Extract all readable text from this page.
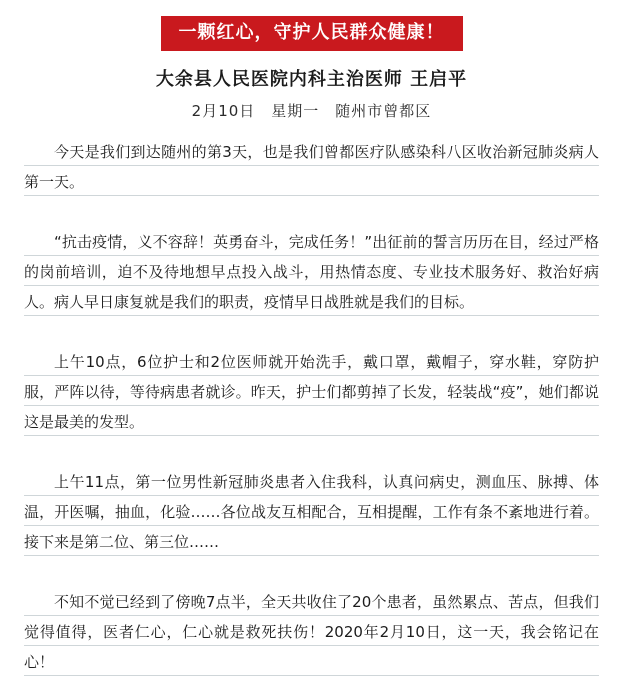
一颗红心，守护人民群众健康！
大余县人民医院内科主治医师 王启平
2月10日　星期一　随州市曾都区

今天是我们到达随州的第3天，也是我们曾都医疗队感染科八区收治新冠肺炎病人第一天。

“抗击疫情，义不容辞！英勇奋斗，完成任务！”出征前的誓言历历在目，经过严格的岗前培训，迫不及待地想早点投入战斗，用热情态度、专业技术服务好、救治好病人。病人早日康复就是我们的职责，疫情早日战胜就是我们的目标。

上午10点，6位护士和2位医师就开始洗手，戴口罩，戴帽子，穿水鞋，穿防护服，严阵以待，等待病患者就诊。昨天，护士们都剪掉了长发，轻装战“疫”，她们都说这是最美的发型。

上午11点，第一位男性新冠肺炎患者入住我科，认真问病史，测血压、脉搏、体温，开医嘱，抽血，化验……各位战友互相配合，互相提醒，工作有条不紊地进行着。接下来是第二位、第三位……

不知不觉已经到了傍晚7点半，全天共收住了20个患者，虽然累点、苦点，但我们觉得值得，医者仁心，仁心就是救死扶伤！2020年2月10日，这一天，我会铭记在心！
